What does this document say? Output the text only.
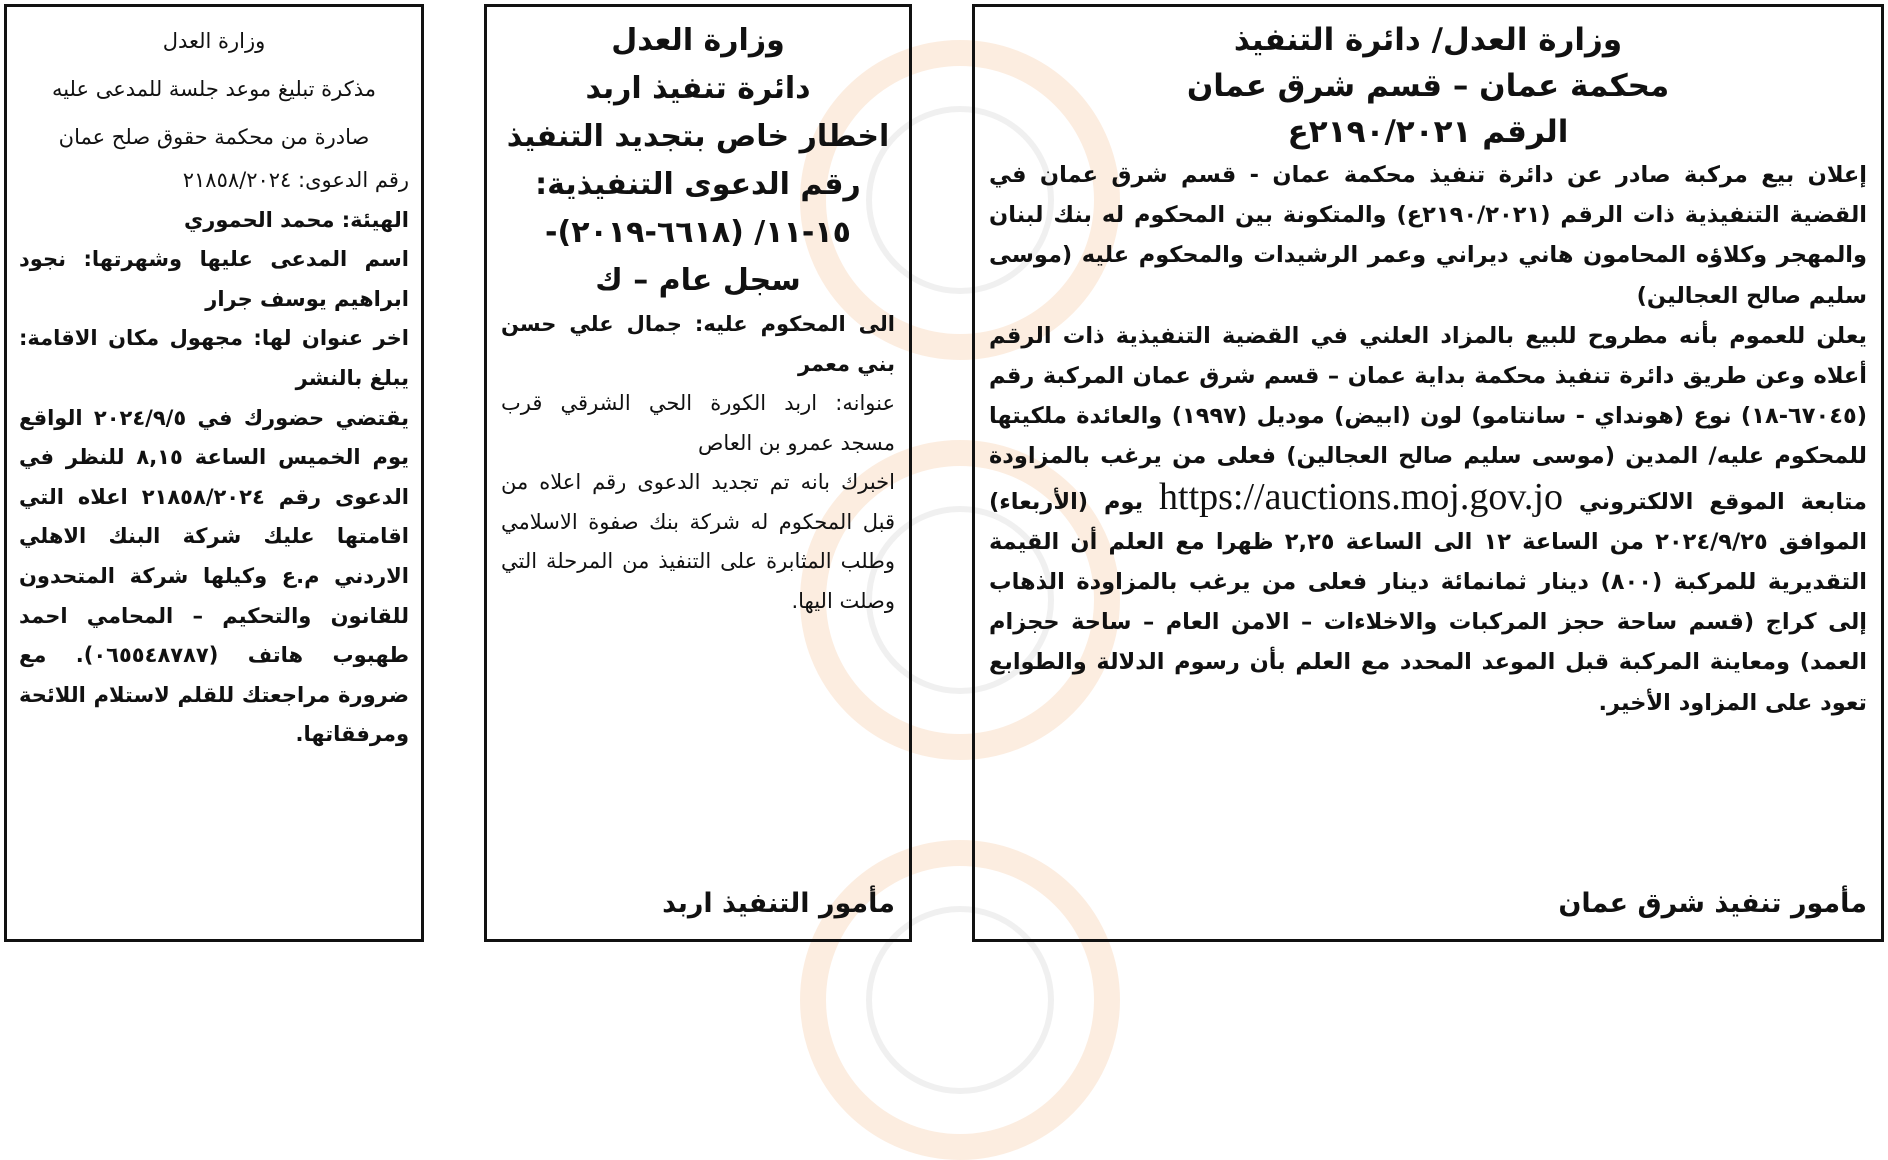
وزارة العدل/ دائرة التنفيذ

محكمة عمان – قسم شرق عمان

الرقم ٢١٩٠/٢٠٢١ع

إعلان بيع مركبة صادر عن دائرة تنفيذ محكمة عمان - قسم شرق عمان في القضية التنفيذية ذات الرقم (٢١٩٠/٢٠٢١ع) والمتكونة بين المحكوم له بنك لبنان والمهجر وكلاؤه المحامون هاني ديراني وعمر الرشيدات والمحكوم عليه (موسى سليم صالح العجالين)

يعلن للعموم بأنه مطروح للبيع بالمزاد العلني في القضية التنفيذية ذات الرقم أعلاه وعن طريق دائرة تنفيذ محكمة بداية عمان – قسم شرق عمان المركبة رقم (٦٧٠٤٥-١٨) نوع (هونداي - سانتامو) لون (ابيض) موديل (١٩٩٧) والعائدة ملكيتها للمحكوم عليه/ المدين (موسى سليم صالح العجالين) فعلى من يرغب بالمزاودة متابعة الموقع الالكتروني https://auctions.moj.gov.jo يوم (الأربعاء) الموافق ٢٠٢٤/٩/٢٥ من الساعة ١٢ الى الساعة ٢,٢٥ ظهرا مع العلم أن القيمة التقديرية للمركبة (٨٠٠) دينار ثمانمائة دينار فعلى من يرغب بالمزاودة الذهاب إلى كراج (قسم ساحة حجز المركبات والاخلاءات – الامن العام – ساحة حجزام العمد) ومعاينة المركبة قبل الموعد المحدد مع العلم بأن رسوم الدلالة والطوابع تعود على المزاود الأخير.

مأمور تنفيذ شرق عمان

وزارة العدل

دائرة تنفيذ اربد

اخطار خاص بتجديد التنفيذ

رقم الدعوى التنفيذية:

١٥-١١/ (٦٦١٨-٢٠١٩)-

سجل عام – ك

الى المحكوم عليه: جمال علي حسن بني معمر

عنوانه: اربد الكورة الحي الشرقي قرب مسجد عمرو بن العاص

اخبرك بانه تم تجديد الدعوى رقم اعلاه من قبل المحكوم له شركة بنك صفوة الاسلامي وطلب المثابرة على التنفيذ من المرحلة التي وصلت اليها.

مأمور التنفيذ اربد

وزارة العدل

مذكرة تبليغ موعد جلسة للمدعى عليه

صادرة من محكمة حقوق صلح عمان

رقم الدعوى: ٢١٨٥٨/٢٠٢٤

الهيئة: محمد الحموري

اسم المدعى عليها وشهرتها: نجود ابراهيم يوسف جرار

اخر عنوان لها: مجهول مكان الاقامة: يبلغ بالنشر

يقتضي حضورك في ٢٠٢٤/٩/٥ الواقع يوم الخميس الساعة ٨,١٥ للنظر في الدعوى رقم ٢١٨٥٨/٢٠٢٤ اعلاه التي اقامتها عليك شركة البنك الاهلي الاردني م.ع وكيلها شركة المتحدون للقانون والتحكيم – المحامي احمد طهبوب هاتف (٠٦٥٥٤٨٧٨٧). مع ضرورة مراجعتك للقلم لاستلام اللائحة ومرفقاتها.
